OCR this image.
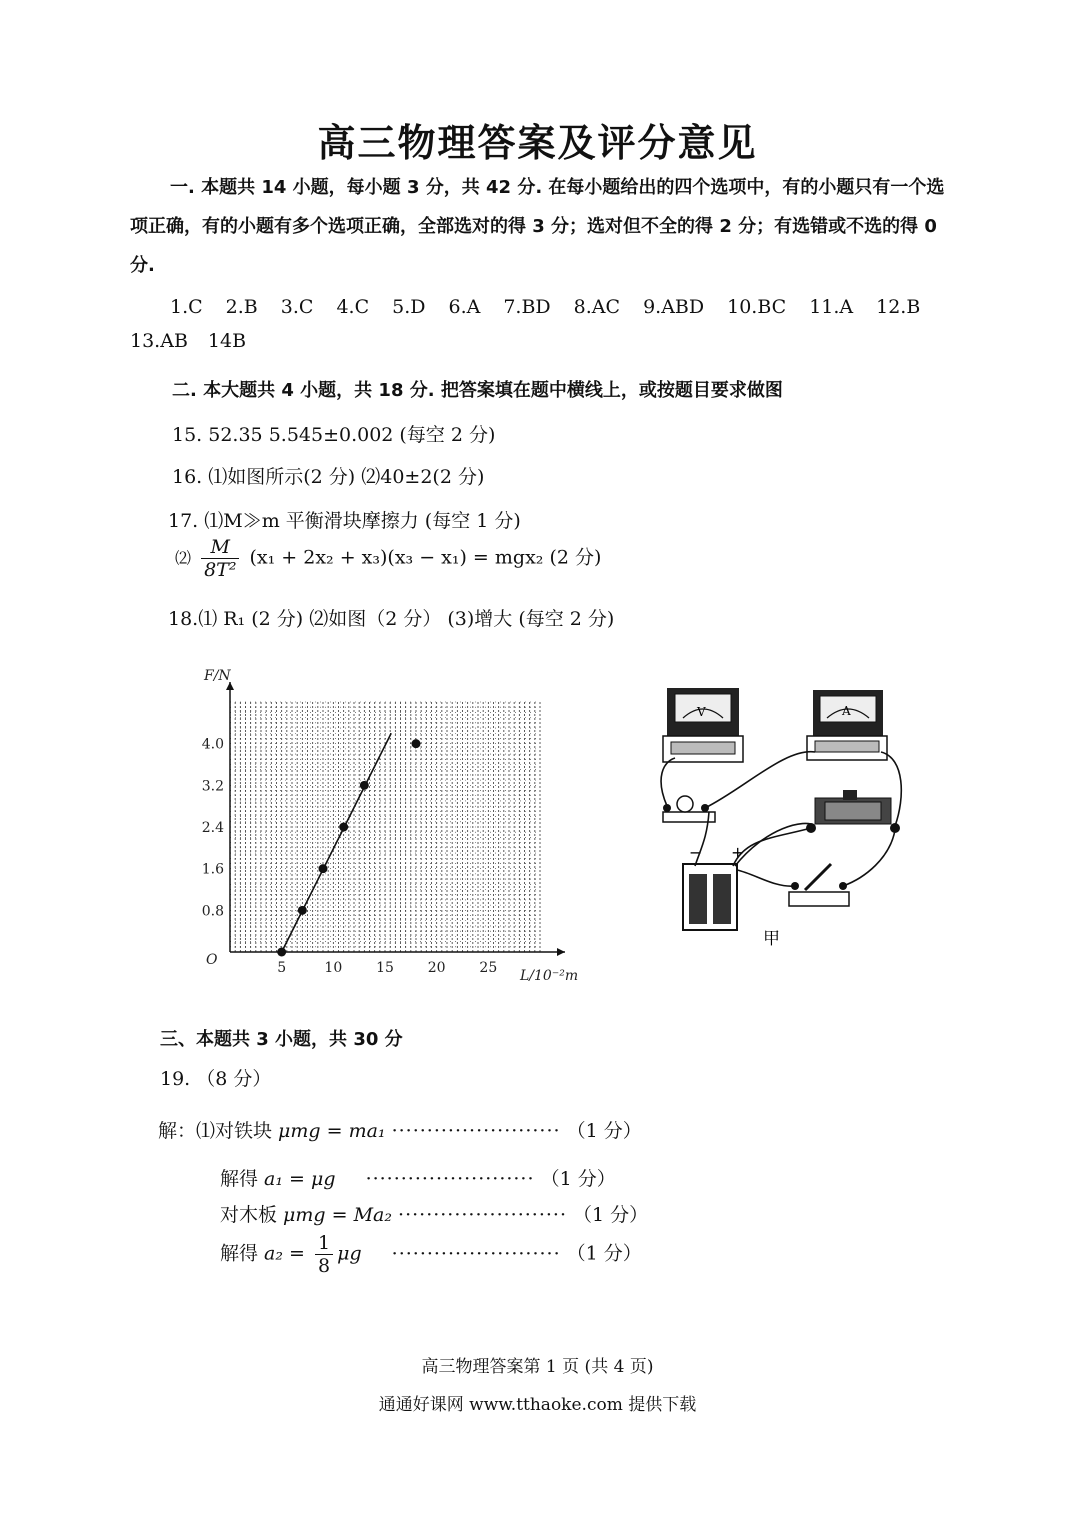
高三物理答案及评分意见
一. 本题共 14 小题，每小题 3 分，共 42 分. 在每小题给出的四个选项中，有的小题只有一个选项正确，有的小题有多个选项正确，全部选对的得 3 分；选对但不全的得 2 分；有选错或不选的得 0 分.
1.C 2.B 3.C 4.C 5.D 6.A 7.BD 8.AC 9.ABD 10.BC 11.A 12.B
13.AB 14B
二. 本大题共 4 小题，共 18 分. 把答案填在题中横线上，或按题目要求做图
15. 52.35 5.545±0.002 (每空 2 分)
16. ⑴如图所示(2 分) ⑵40±2(2 分)
17. ⑴M≫m 平衡滑块摩擦力 (每空 1 分)
⑵ $\frac{M}{\text{8T²}} (x_1 + 2x_2 + x_3)(x_3 - x_1) = mgx_2$ (2 分)
18.⑴ R₁ (2 分) ⑵如图（2 分） (3)增大 (每空 2 分)
5	10 15 20 25
0.8
1.6
2.4
3.2
4.0
F/N
L/10⁻²m
O
V	A
− +
甲
三、本题共 3 小题，共 30 分
19. （8 分）
解：⑴对铁块 μmg = ma₁ ························ （1 分）
解得 a₁ = μg ························ （1 分）
对木板 μmg = Ma₂ ························ （1 分）
解得 $a_2 = \frac{1}{8}$ μg ························ （1 分）
高三物理答案第 1 页 (共 4 页)
通通好课网 www.tthaoke.com 提供下载
